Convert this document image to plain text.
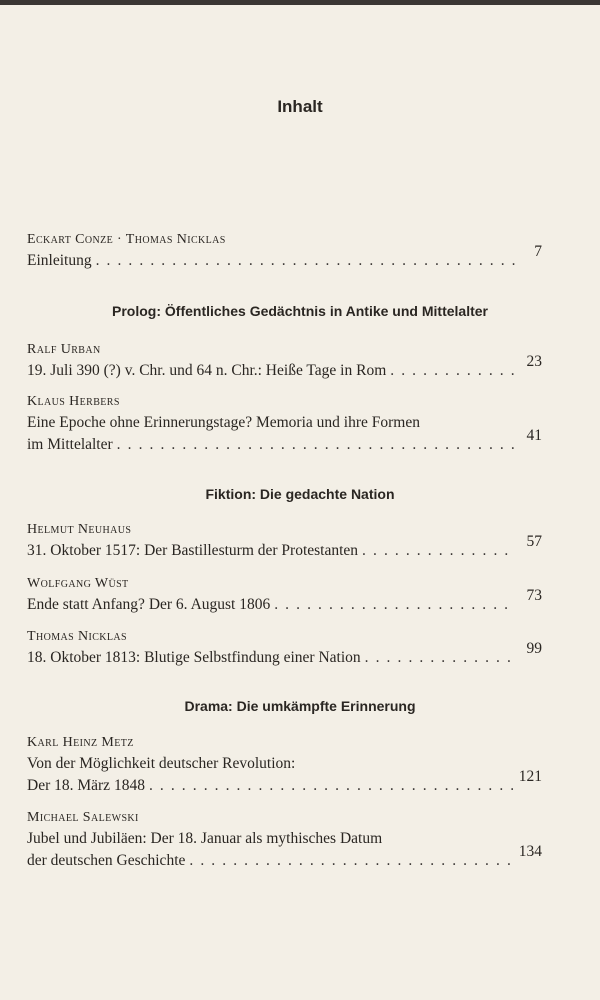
Inhalt
Eckart Conze · Thomas Nicklas
Einleitung
. . .
7
Prolog: Öffentliches Gedächtnis in Antike und Mittelalter
Ralf Urban
19. Juli 390 (?) v. Chr. und 64 n. Chr.: Heiße Tage in Rom
. . .
23
Klaus Herbers
Eine Epoche ohne Erinnerungstage? Memoria und ihre Formen
im Mittelalter
. . .
41
Fiktion: Die gedachte Nation
Helmut Neuhaus
31. Oktober 1517: Der Bastillesturm der Protestanten
. . .
57
Wolfgang Wüst
Ende statt Anfang? Der 6. August 1806
. . .
73
Thomas Nicklas
18. Oktober 1813: Blutige Selbstfindung einer Nation
. . .
99
Drama: Die umkämpfte Erinnerung
Karl Heinz Metz
Von der Möglichkeit deutscher Revolution:
Der 18. März 1848
. . .
121
Michael Salewski
Jubel und Jubiläen: Der 18. Januar als mythisches Datum
der deutschen Geschichte
. . .
134
